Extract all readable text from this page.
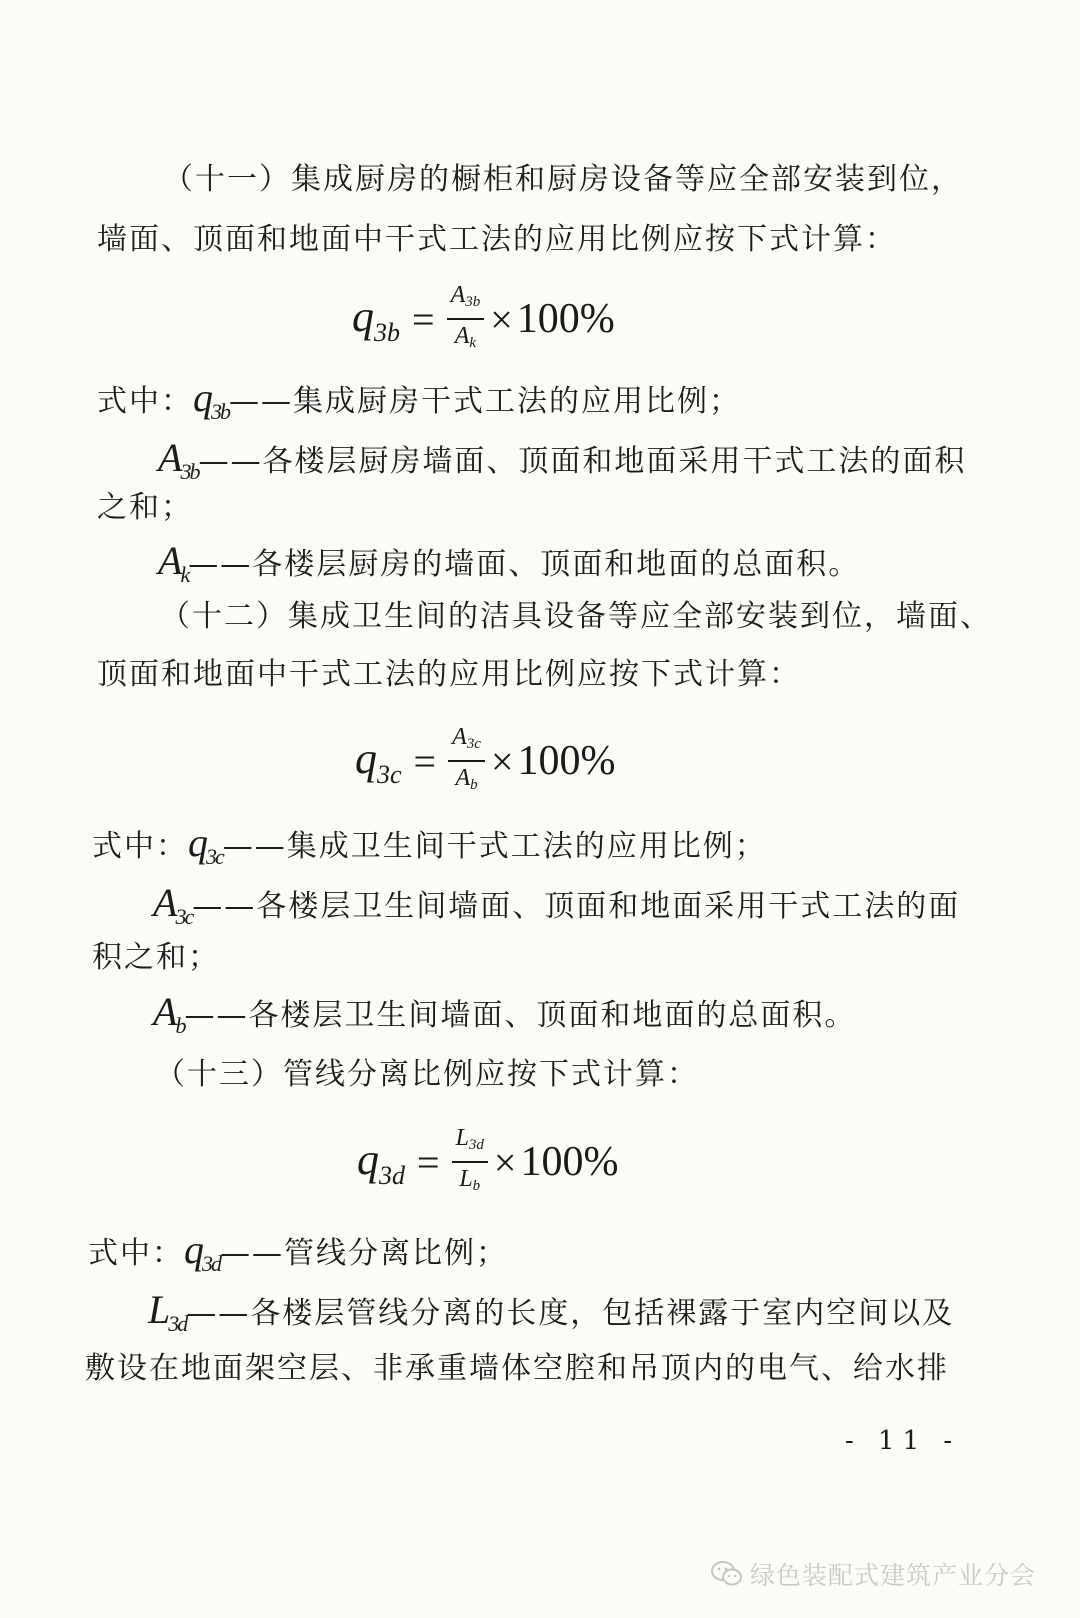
（十一）集成厨房的橱柜和厨房设备等应全部安装到位，
墙面、顶面和地面中干式工法的应用比例应按下式计算：
$q_{3b} = \frac{A_{3b}}{A_k} \times 100\%$
式中：$q_{3b}——$集成厨房干式工法的应用比例；
$A_{3b}——$各楼层厨房墙面、顶面和地面采用干式工法的面积
之和；
$A_k——$各楼层厨房的墙面、顶面和地面的总面积。
（十二）集成卫生间的洁具设备等应全部安装到位，墙面、
顶面和地面中干式工法的应用比例应按下式计算：
$q_{3c} = \frac{A_{3c}}{A_b} \times 100\%$
式中：$q_{3c}——$集成卫生间干式工法的应用比例；
$A_{3c}——$各楼层卫生间墙面、顶面和地面采用干式工法的面
积之和；
$A_b——$各楼层卫生间墙面、顶面和地面的总面积。
（十三）管线分离比例应按下式计算：
$q_{3d} = \frac{L_{3d}}{L_b} \times 100\%$
式中：$q_{3d}——$管线分离比例；
$L_{3d}——$各楼层管线分离的长度，包括裸露于室内空间以及
敷设在地面架空层、非承重墙体空腔和吊顶内的电气、给水排
- 11 -
绿色装配式建筑产业分会
